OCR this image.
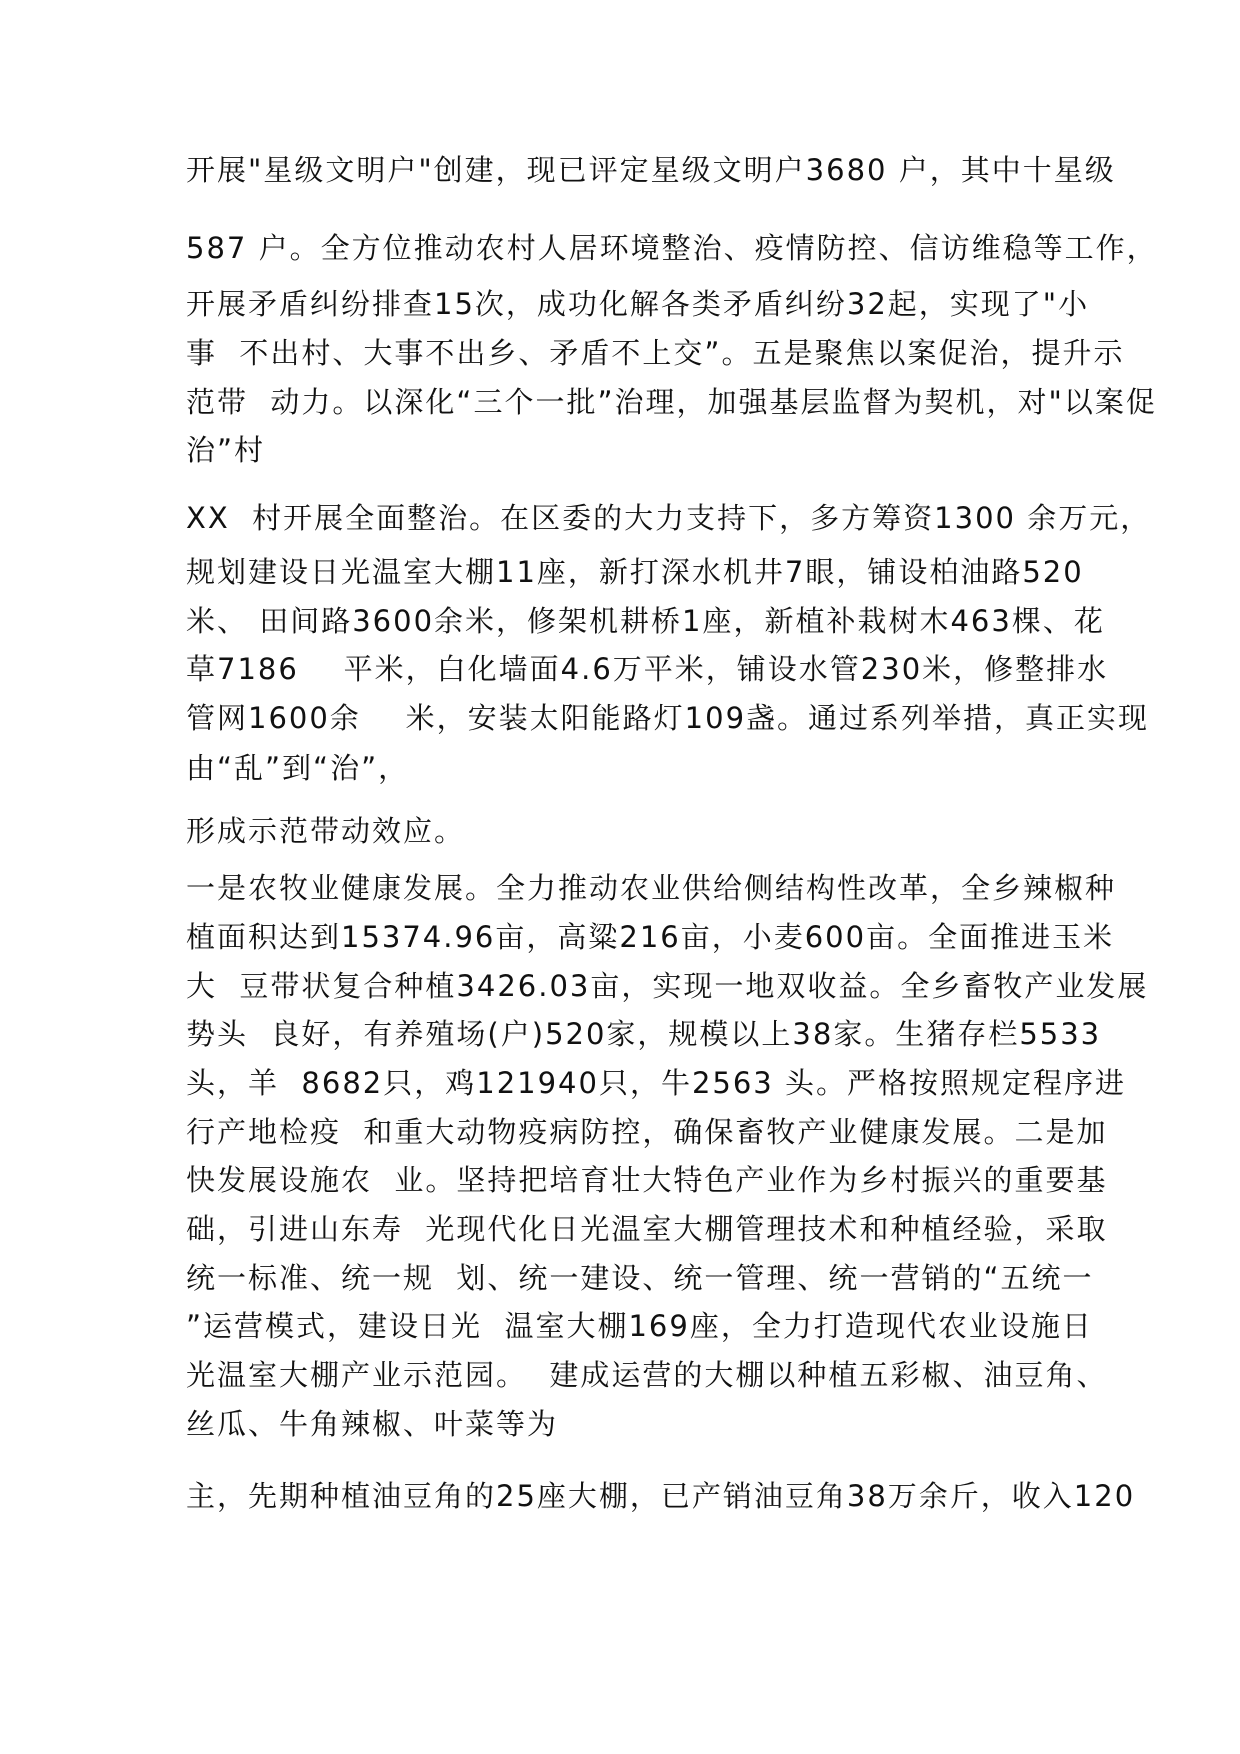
开展"星级文明户"创建，现已评定星级文明户3680 户，其中十星级

587 户。全方位推动农村人居环境整治、疫情防控、信访维稳等工作，

开展矛盾纠纷排查15次，成功化解各类矛盾纠纷32起，实现了"小

事  不出村、大事不出乡、矛盾不上交”。五是聚焦以案促治，提升示

范带  动力。以深化“三个一批”治理，加强基层监督为契机，对"以案促

治”村

XX  村开展全面整治。在区委的大力支持下，多方筹资1300 余万元，

规划建设日光温室大棚11座，新打深水机井7眼，铺设柏油路520

米、 田间路3600余米，修架机耕桥1座，新植补栽树木463棵、花

草7186    平米，白化墙面4.6万平米，铺设水管230米，修整排水

管网1600余    米，安装太阳能路灯109盏。通过系列举措，真正实现

由“乱”到“治”，

形成示范带动效应。

一是农牧业健康发展。全力推动农业供给侧结构性改革，全乡辣椒种

植面积达到15374.96亩，高粱216亩，小麦600亩。全面推进玉米

大  豆带状复合种植3426.03亩，实现一地双收益。全乡畜牧产业发展

势头  良好，有养殖场(户)520家，规模以上38家。生猪存栏5533

头，羊  8682只，鸡121940只，牛2563 头。严格按照规定程序进

行产地检疫  和重大动物疫病防控，确保畜牧产业健康发展。二是加

快发展设施农  业。坚持把培育壮大特色产业作为乡村振兴的重要基

础，引进山东寿  光现代化日光温室大棚管理技术和种植经验，采取

统一标准、统一规  划、统一建设、统一管理、统一营销的“五统一

”运营模式，建设日光  温室大棚169座，全力打造现代农业设施日

光温室大棚产业示范园。  建成运营的大棚以种植五彩椒、油豆角、

丝瓜、牛角辣椒、叶菜等为

主，先期种植油豆角的25座大棚，已产销油豆角38万余斤，收入120
